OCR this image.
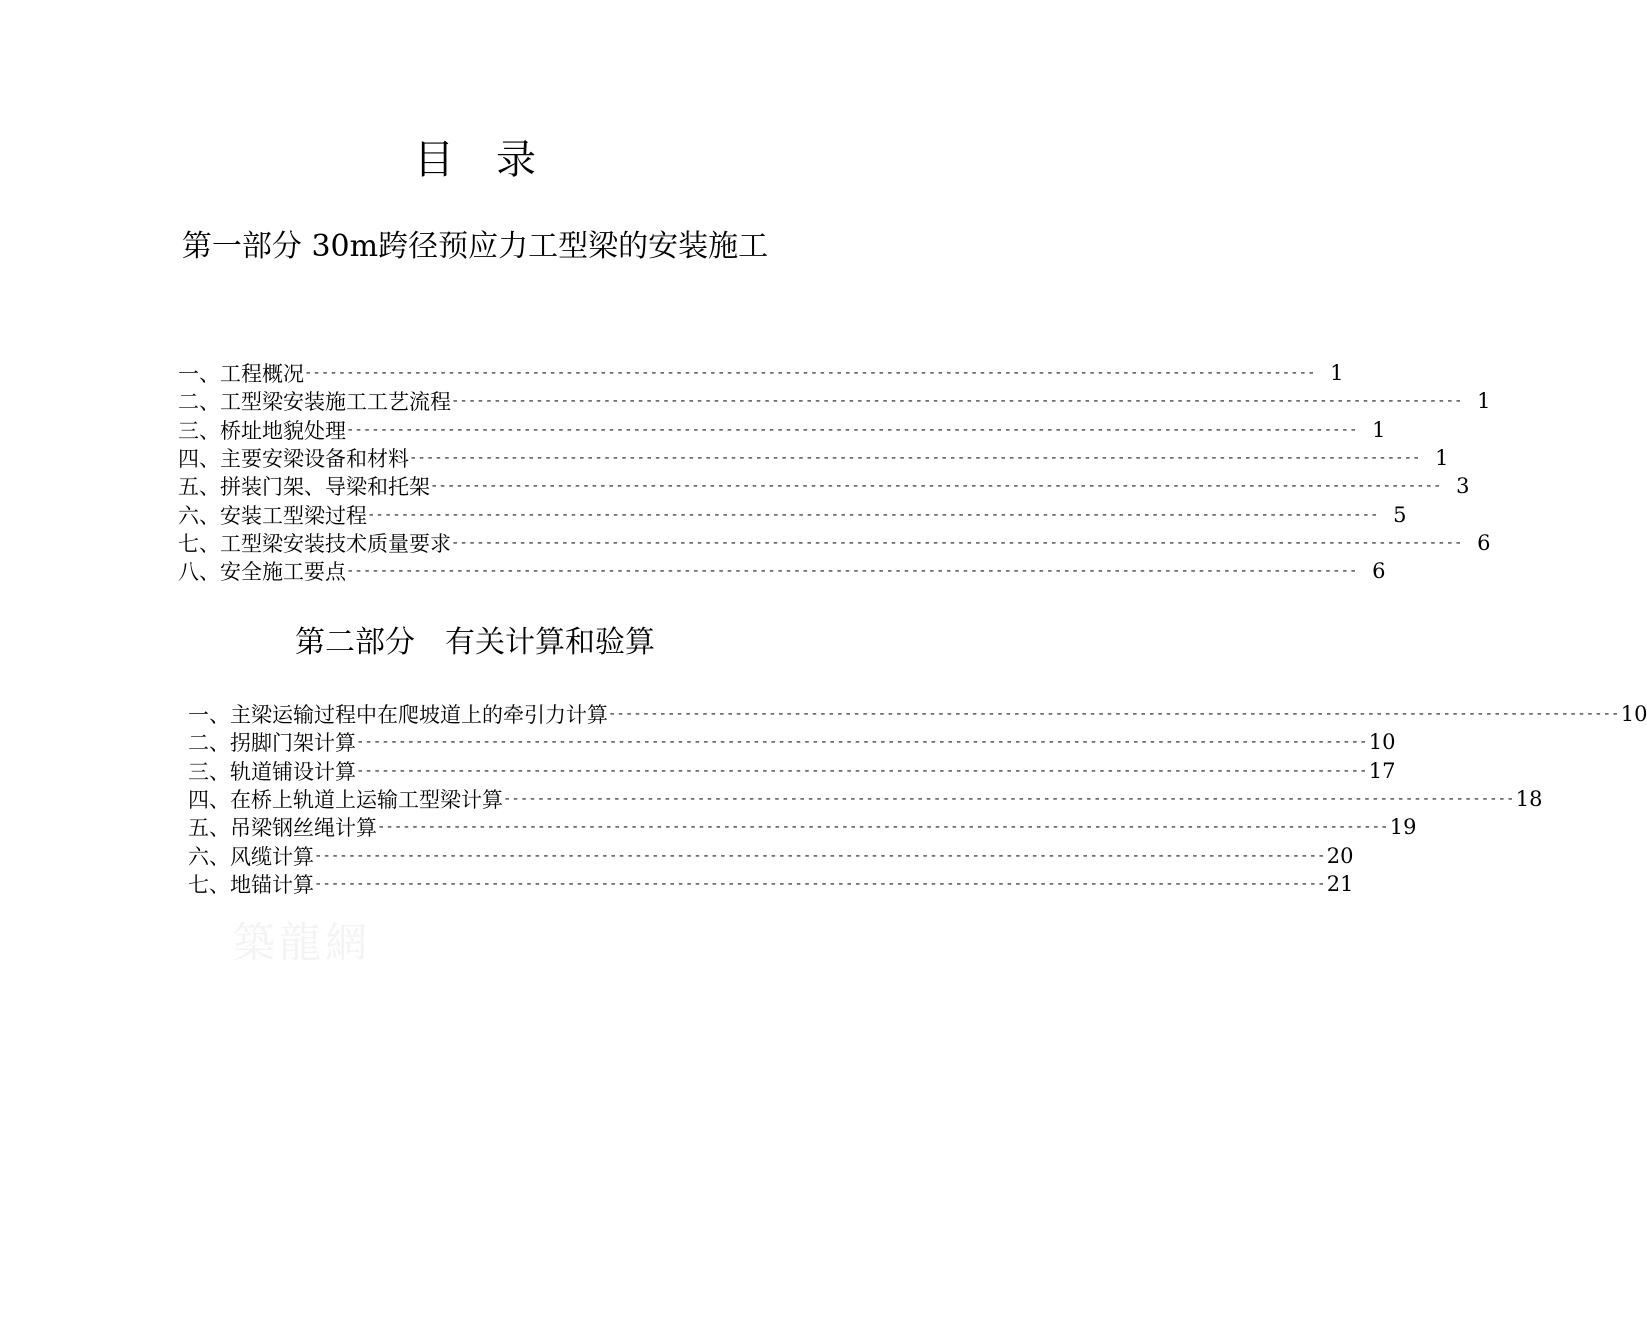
目录
第一部分 30m跨径预应力工型梁的安装施工
一、 工程概况 ------------------------------------------------------------------------------------------------------------------------ 1
二、 工型梁安装施工工艺流程 ------------------------------------------------------------------------------------------------------------------------ 1
三、 桥址地貌处理 ------------------------------------------------------------------------------------------------------------------------ 1
四、 主要安梁设备和材料 ------------------------------------------------------------------------------------------------------------------------ 1
五、 拼装门架、导梁和托架 ------------------------------------------------------------------------------------------------------------------------ 3
六、 安装工型梁过程 ------------------------------------------------------------------------------------------------------------------------ 5
七、 工型梁安装技术质量要求 ------------------------------------------------------------------------------------------------------------------------ 6
八、 安全施工要点 ------------------------------------------------------------------------------------------------------------------------ 6
第二部分　有关计算和验算
一、 主梁运输过程中在爬坡道上的牵引力计算 ------------------------------------------------------------------------------------------------------------------------ 10
二、 拐脚门架计算 ------------------------------------------------------------------------------------------------------------------------ 10
三、 轨道铺设计算 ------------------------------------------------------------------------------------------------------------------------ 17
四、 在桥上轨道上运输工型梁计算 ------------------------------------------------------------------------------------------------------------------------ 18
五、 吊梁钢丝绳计算 ------------------------------------------------------------------------------------------------------------------------ 19
六、 风缆计算 ------------------------------------------------------------------------------------------------------------------------ 20
七、 地锚计算 ------------------------------------------------------------------------------------------------------------------------ 21
築龍網
